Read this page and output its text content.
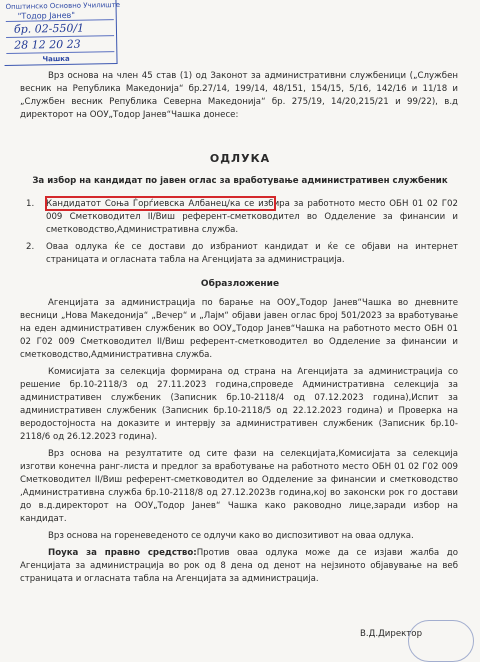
Општинско Основно Училиште
"Тодор Јанев"
бр. 02-550/1
28 12 20 23
Чашка
Врз основа на член 45 став (1) од Законот за административни службеници („Службен весник на Република Македонија“ бр.27/14, 199/14, 48/151, 154/15, 5/16, 142/16 и 11/18 и „Службен весник Република Северна Македонија“ бр. 275/19, 14/20,215/21 и 99/22), в.д директорот на ООУ„Тодор Јанев“Чашка донесе:
ОДЛУКА
За избор на кандидат по јавен оглас за вработување административен службеник
1. Кандидатот Соња Ѓорѓиевска Албанец/ка се избира за работното место ОБН 01 02 Г02 009 Сметководител II/Виш референт-сметководител во Одделение за финансии и сметководство,Административна служба.
2. Оваа одлука ќе се достави до избраниот кандидат и ќе се објави на интернет страницата и огласната табла на Агенцијата за администрација.
Образложение

Агенцијата за администрација по барање на ООУ„Тодор Јанев“Чашка во дневните весници „Нова Македонија“ „Вечер“ и „Лајм“ објави јавен оглас број 501/2023 за вработување на еден административен службеник во ООУ„Тодор Јанев“Чашка на работното место ОБН 01 02 Г02 009 Сметководител II/Виш референт-сметководител во Одделение за финансии и сметководство,Административна служба.

Комисијата за селекција формирана од страна на Агенцијата за администрација со решение бр.10-2118/3 од 27.11.2023 година,спроведе Административна селекција за административен службеник (Записник бр.10-2118/4 од 07.12.2023 година),Испит за административен службеник (Записник бр.10-2118/5 од 22.12.2023 година) и Проверка на веродостојноста на доказите и интервју за административен службеник (Записник бр.10-2118/6 од 26.12.2023 година).

Врз основа на резултатите од сите фази на селекцијата,Комисијата за селекција изготви конечна ранг-листа и предлог за вработување на работното место ОБН 01 02 Г02 009 Сметководител II/Виш референт-сметководител во Одделение за финансии и сметководство ,Административна служба бр.10-2118/8 од 27.12.2023в година,кој во законски рок го достави до в.д.директорот на ООУ„Тодор Јанев“ Чашка како раководно лице,заради избор на кандидат.

Врз основа на гореневеденото се одлучи како во диспозитивот на оваа одлука.

Поука за правно средство:Против оваа одлука може да се изјави жалба до Агенцијата за администрација во рок од 8 дена од денот на нејзиното објавување на веб страницата и огласната табла на Агенцијата за администрација.

В.Д.Директор
